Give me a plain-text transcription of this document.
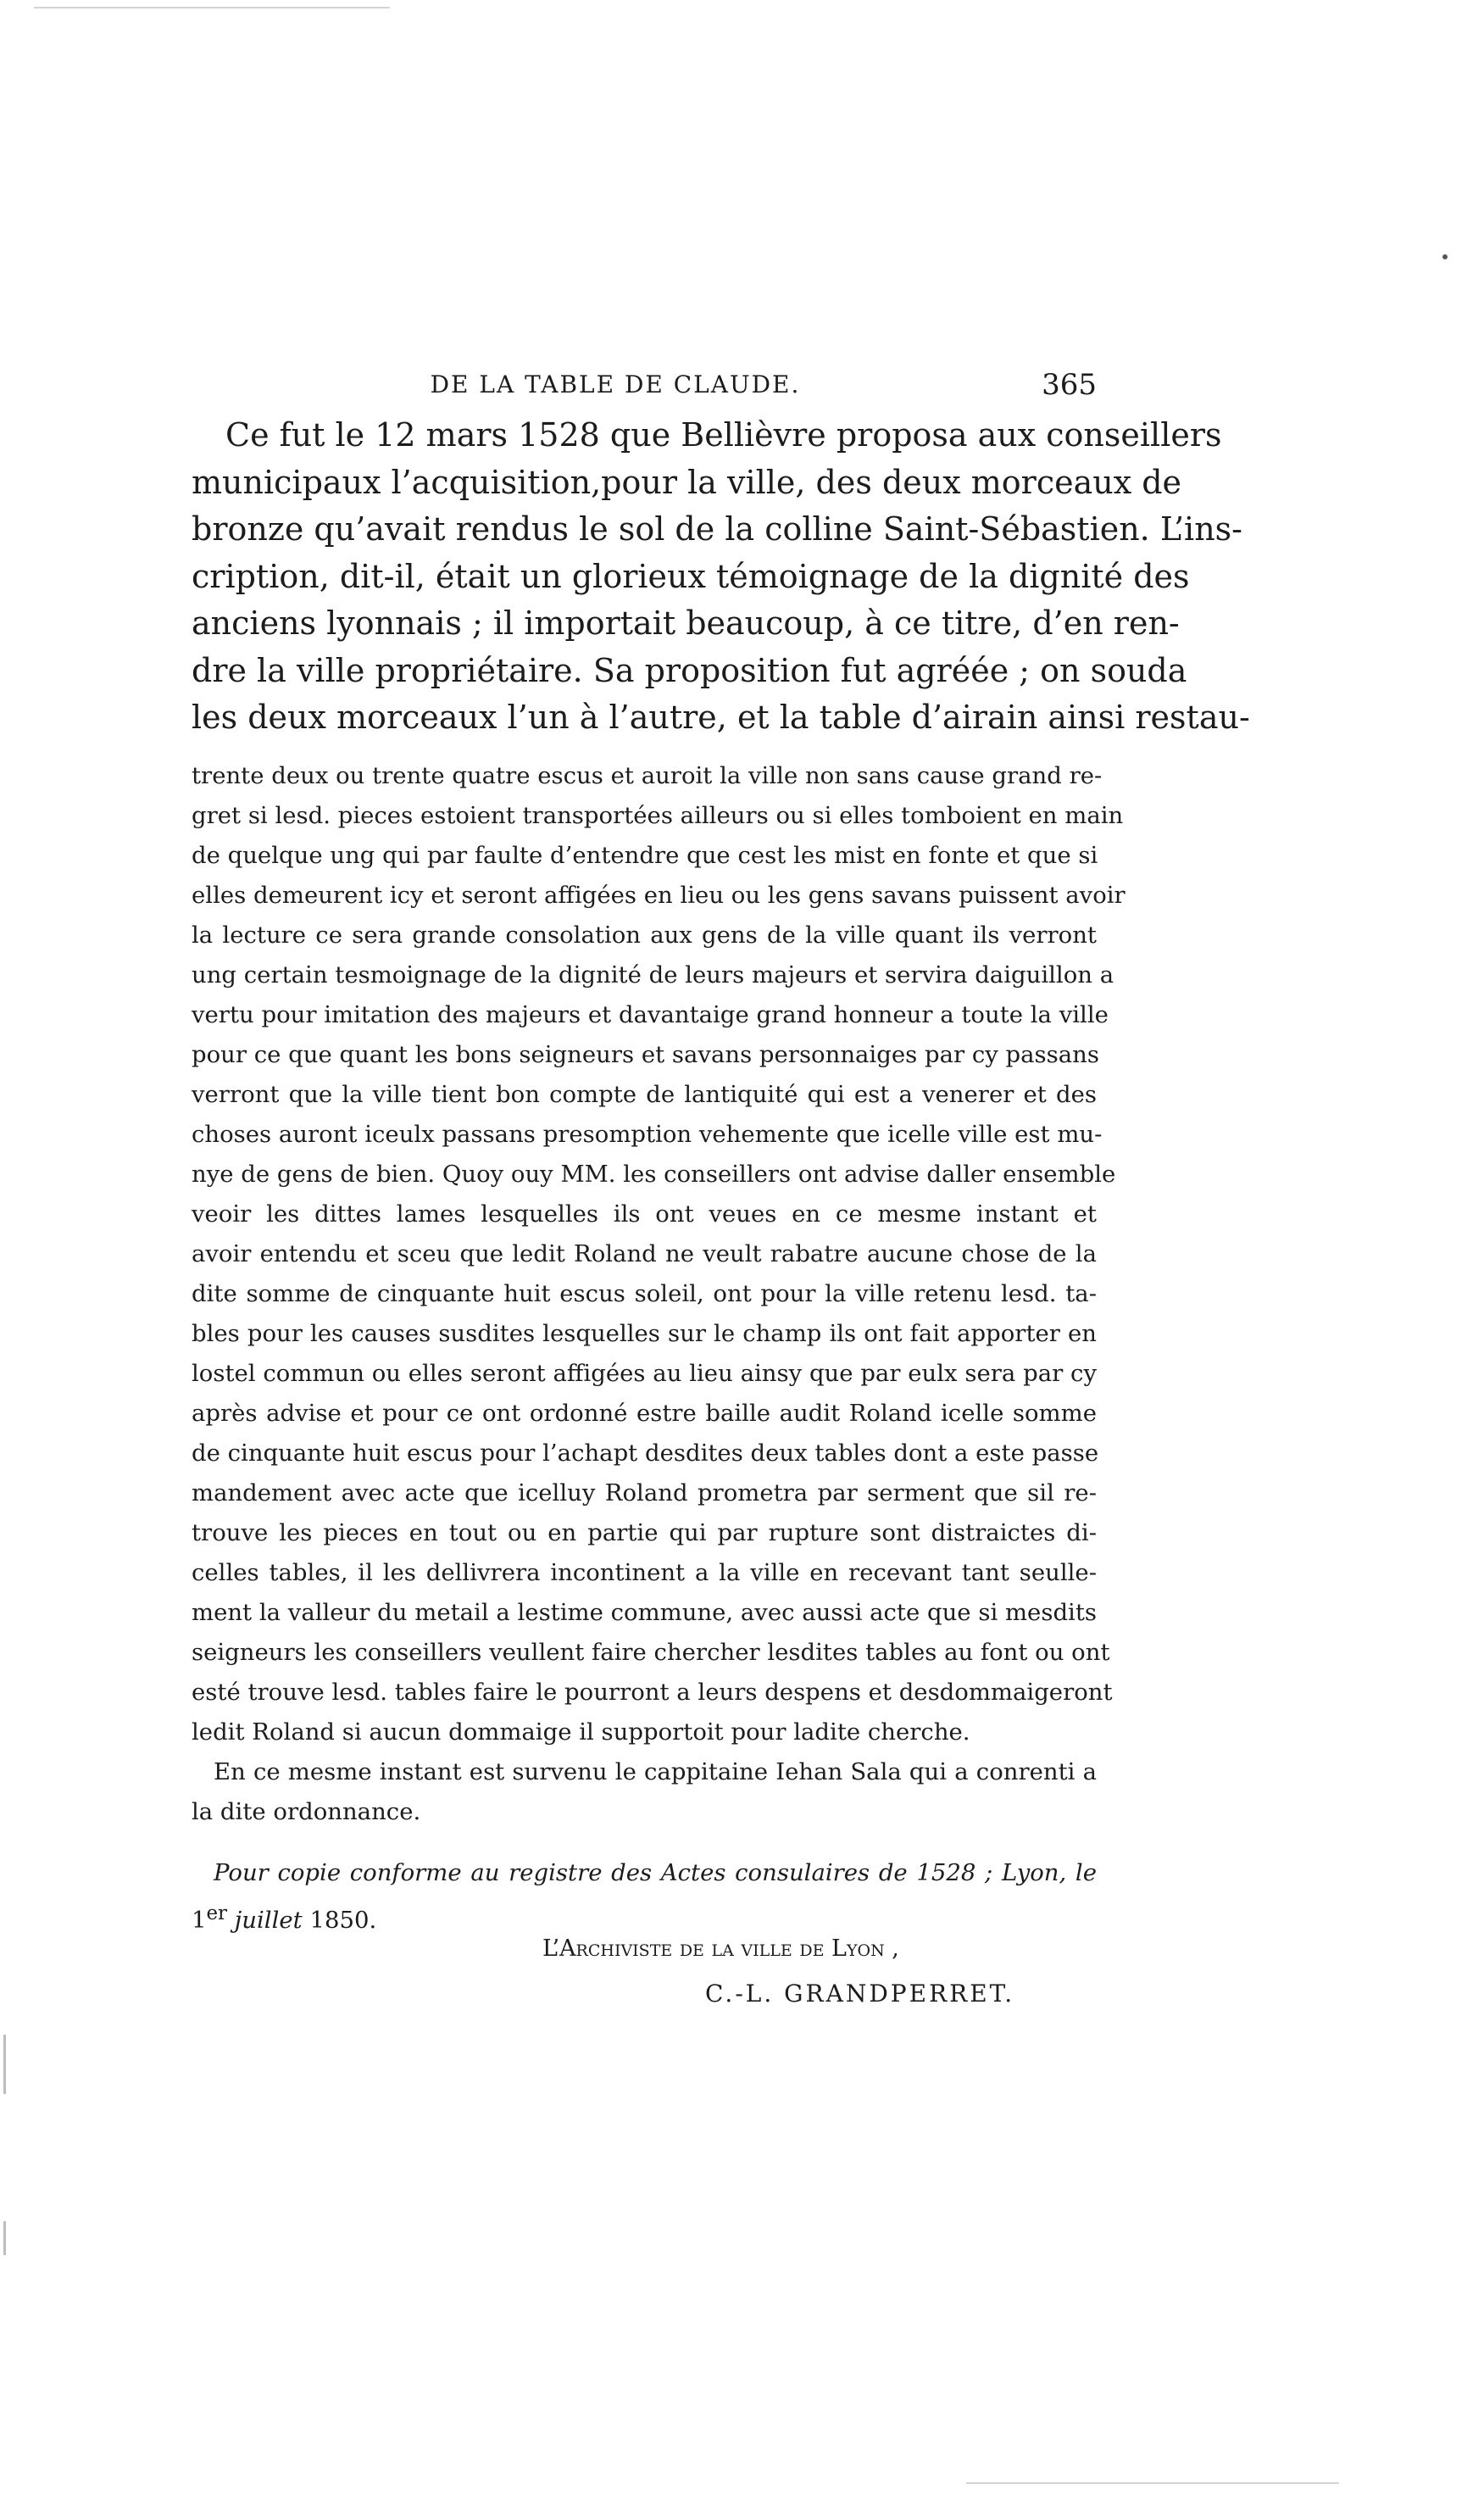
DE LA TABLE DE CLAUDE.	365
Ce fut le 12 mars 1528 que Bellièvre proposa aux conseillers
municipaux l’acquisition,pour la ville, des deux morceaux de
bronze qu’avait rendus le sol de la colline Saint-Sébastien. L’ins-
cription, dit-il, était un glorieux témoignage de la dignité des
anciens lyonnais ; il importait beaucoup, à ce titre, d’en ren-
dre la ville propriétaire. Sa proposition fut agréée ; on souda
les deux morceaux l’un à l’autre, et la table d’airain ainsi restau-
trente deux ou trente quatre escus et auroit la ville non sans cause grand re-
gret si lesd. pieces estoient transportées ailleurs ou si elles tomboient en main
de quelque ung qui par faulte d’entendre que cest les mist en fonte et que si
elles demeurent icy et seront affigées en lieu ou les gens savans puissent avoir
la lecture ce sera grande consolation aux gens de la ville quant ils verront
ung certain tesmoignage de la dignité de leurs majeurs et servira daiguillon a
vertu pour imitation des majeurs et davantaige grand honneur a toute la ville
pour ce que quant les bons seigneurs et savans personnaiges par cy passans
verront que la ville tient bon compte de lantiquité qui est a venerer et des
choses auront iceulx passans presomption vehemente que icelle ville est mu-
nye de gens de bien. Quoy ouy MM. les conseillers ont advise daller ensemble
veoir les dittes lames lesquelles ils ont veues en ce mesme instant et
avoir entendu et sceu que ledit Roland ne veult rabatre aucune chose de la
dite somme de cinquante huit escus soleil, ont pour la ville retenu lesd. ta-
bles pour les causes susdites lesquelles sur le champ ils ont fait apporter en
lostel commun ou elles seront affigées au lieu ainsy que par eulx sera par cy
après advise et pour ce ont ordonné estre baille audit Roland icelle somme
de cinquante huit escus pour l’achapt desdites deux tables dont a este passe
mandement avec acte que icelluy Roland prometra par serment que sil re-
trouve les pieces en tout ou en partie qui par rupture sont distraictes di-
celles tables, il les dellivrera incontinent a la ville en recevant tant seulle-
ment la valleur du metail a lestime commune, avec aussi acte que si mesdits
seigneurs les conseillers veullent faire chercher lesdites tables au font ou ont
esté trouve lesd. tables faire le pourront a leurs despens et desdommaigeront
ledit Roland si aucun dommaige il supportoit pour ladite cherche.
En ce mesme instant est survenu le cappitaine Iehan Sala qui a conrenti a
la dite ordonnance.
Pour copie conforme au registre des Actes consulaires de 1528 ; Lyon, le
1er juillet 1850.
L’Archiviste de la ville de Lyon ,
C.-L. GRANDPERRET.
